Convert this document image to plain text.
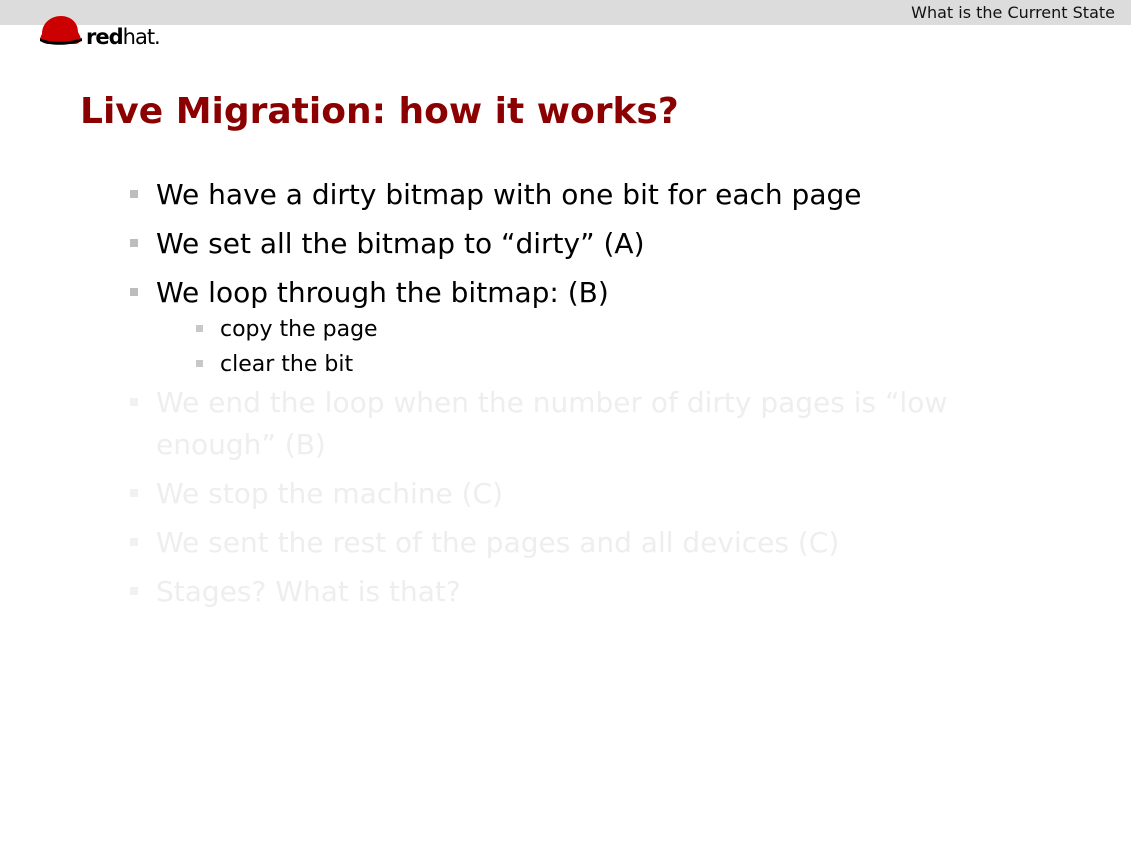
What is the Current State
redhat.
Live Migration: how it works?
We have a dirty bitmap with one bit for each page
We set all the bitmap to “dirty” (A)
We loop through the bitmap: (B)
copy the page
clear the bit
We end the loop when the number of dirty pages is “low enough” (B)
We stop the machine (C)
We sent the rest of the pages and all devices (C)
Stages? What is that?
